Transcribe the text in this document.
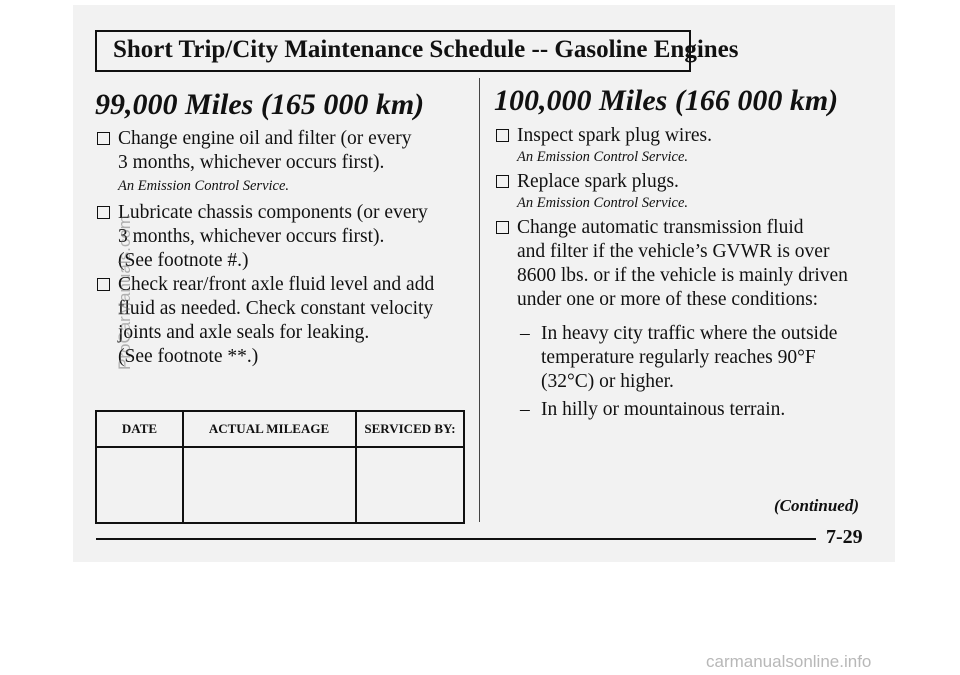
Short Trip/City Maintenance Schedule -- Gasoline Engines
99,000 Miles (165 000 km)
Change engine oil and filter (or every
3 months, whichever occurs first).
An Emission Control Service.
Lubricate chassis components (or every
3 months, whichever occurs first).
(See footnote #.)
Check rear/front axle fluid level and add
fluid as needed. Check constant velocity
joints and axle seals for leaking.
(See footnote **.)
DATE	ACTUAL MILEAGE	SERVICED BY:
100,000 Miles (166 000 km)
Inspect spark plug wires.
An Emission Control Service.
Replace spark plugs.
An Emission Control Service.
Change automatic transmission fluid
and filter if the vehicle’s GVWR is over
8600 lbs. or if the vehicle is mainly driven
under one or more of these conditions:
– In heavy city traffic where the outside
temperature regularly reaches 90°F
(32°C) or higher.
– In hilly or mountainous terrain.
(Continued)
7-29
ProCarManuals.com
carmanualsonline.info
